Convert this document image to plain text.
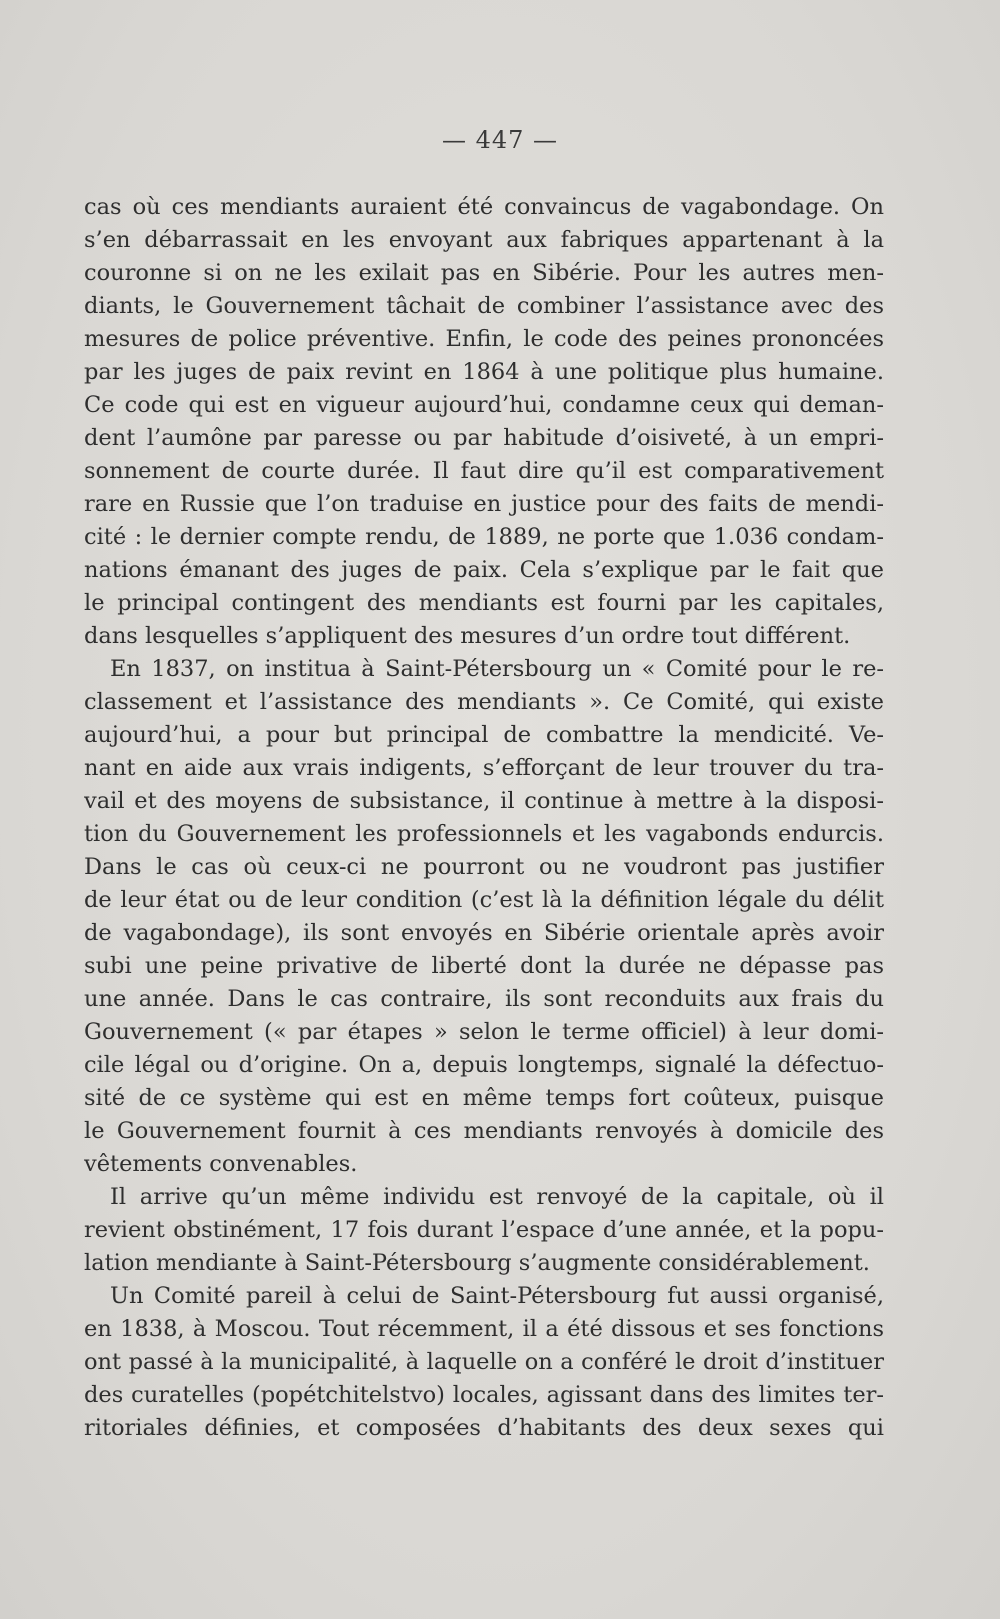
— 447 —
cas où ces mendiants auraient été convaincus de vagabondage. On
s’en débarrassait en les envoyant aux fabriques appartenant à la
couronne si on ne les exilait pas en Sibérie. Pour les autres men-
diants, le Gouvernement tâchait de combiner l’assistance avec des
mesures de police préventive. Enfin, le code des peines prononcées
par les juges de paix revint en 1864 à une politique plus humaine.
Ce code qui est en vigueur aujourd’hui, condamne ceux qui deman-
dent l’aumône par paresse ou par habitude d’oisiveté, à un empri-
sonnement de courte durée. Il faut dire qu’il est comparativement
rare en Russie que l’on traduise en justice pour des faits de mendi-
cité : le dernier compte rendu, de 1889, ne porte que 1.036 condam-
nations émanant des juges de paix. Cela s’explique par le fait que
le principal contingent des mendiants est fourni par les capitales,
dans lesquelles s’appliquent des mesures d’un ordre tout différent.
En 1837, on institua à Saint-Pétersbourg un « Comité pour le re-
classement et l’assistance des mendiants ». Ce Comité, qui existe
aujourd’hui, a pour but principal de combattre la mendicité. Ve-
nant en aide aux vrais indigents, s’efforçant de leur trouver du tra-
vail et des moyens de subsistance, il continue à mettre à la disposi-
tion du Gouvernement les professionnels et les vagabonds endurcis.
Dans le cas où ceux-ci ne pourront ou ne voudront pas justifier
de leur état ou de leur condition (c’est là la définition légale du délit
de vagabondage), ils sont envoyés en Sibérie orientale après avoir
subi une peine privative de liberté dont la durée ne dépasse pas
une année. Dans le cas contraire, ils sont reconduits aux frais du
Gouvernement (« par étapes » selon le terme officiel) à leur domi-
cile légal ou d’origine. On a, depuis longtemps, signalé la défectuo-
sité de ce système qui est en même temps fort coûteux, puisque
le Gouvernement fournit à ces mendiants renvoyés à domicile des
vêtements convenables.
Il arrive qu’un même individu est renvoyé de la capitale, où il
revient obstinément, 17 fois durant l’espace d’une année, et la popu-
lation mendiante à Saint-Pétersbourg s’augmente considérablement.
Un Comité pareil à celui de Saint-Pétersbourg fut aussi organisé,
en 1838, à Moscou. Tout récemment, il a été dissous et ses fonctions
ont passé à la municipalité, à laquelle on a conféré le droit d’instituer
des curatelles (popétchitelstvo) locales, agissant dans des limites ter-
ritoriales définies, et composées d’habitants des deux sexes qui
